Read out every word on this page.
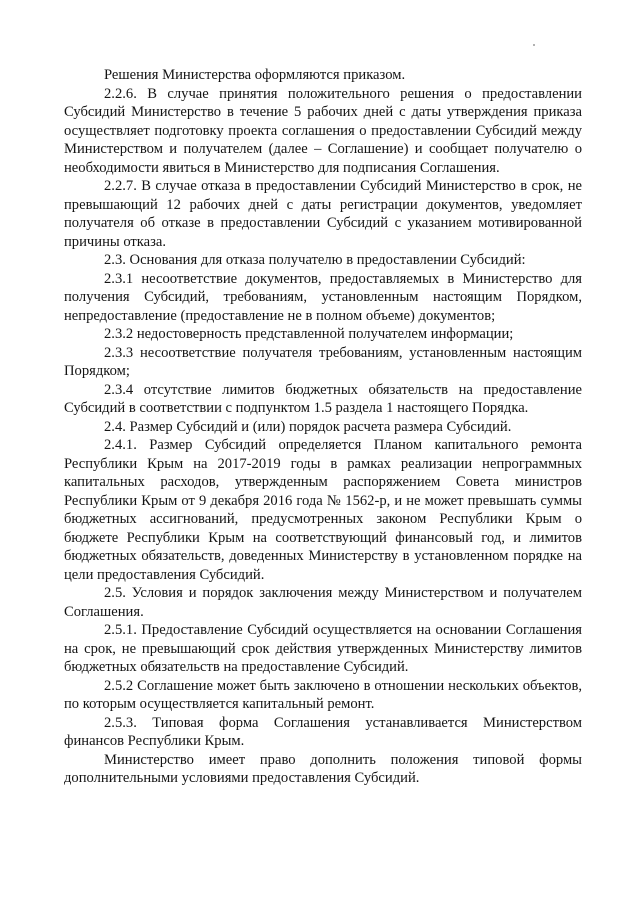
Решения Министерства оформляются приказом.

2.2.6. В случае принятия положительного решения о предоставлении Субсидий Министерство в течение 5 рабочих дней с даты утверждения приказа осуществляет подготовку проекта соглашения о предоставлении Субсидий между Министерством и получателем (далее – Соглашение) и сообщает получателю о необходимости явиться в Министерство для подписания Соглашения.

2.2.7. В случае отказа в предоставлении Субсидий Министерство в срок, не превышающий 12 рабочих дней с даты регистрации документов, уведомляет получателя об отказе в предоставлении Субсидий с указанием мотивированной причины отказа.

2.3. Основания для отказа получателю в предоставлении Субсидий:

2.3.1 несоответствие документов, предоставляемых в Министерство для получения Субсидий, требованиям, установленным настоящим Порядком, непредоставление (предоставление не в полном объеме) документов;

2.3.2 недостоверность представленной получателем информации;

2.3.3 несоответствие получателя требованиям, установленным настоящим Порядком;

2.3.4 отсутствие лимитов бюджетных обязательств на предоставление Субсидий в соответствии с подпунктом 1.5 раздела 1 настоящего Порядка.

2.4. Размер Субсидий и (или) порядок расчета размера Субсидий.

2.4.1. Размер Субсидий определяется Планом капитального ремонта Республики Крым на 2017-2019 годы в рамках реализации непрограммных капитальных расходов, утвержденным распоряжением Совета министров Республики Крым от 9 декабря 2016 года № 1562-р, и не может превышать суммы бюджетных ассигнований, предусмотренных законом Республики Крым о бюджете Республики Крым на соответствующий финансовый год, и лимитов бюджетных обязательств, доведенных Министерству в установленном порядке на цели предоставления Субсидий.

2.5. Условия и порядок заключения между Министерством и получателем Соглашения.

2.5.1. Предоставление Субсидий осуществляется на основании Соглашения на срок, не превышающий срок действия утвержденных Министерству лимитов бюджетных обязательств на предоставление Субсидий.

2.5.2 Соглашение может быть заключено в отношении нескольких объектов, по которым осуществляется капитальный ремонт.

2.5.3. Типовая форма Соглашения устанавливается Министерством финансов Республики Крым.

Министерство имеет право дополнить положения типовой формы дополнительными условиями предоставления Субсидий.
